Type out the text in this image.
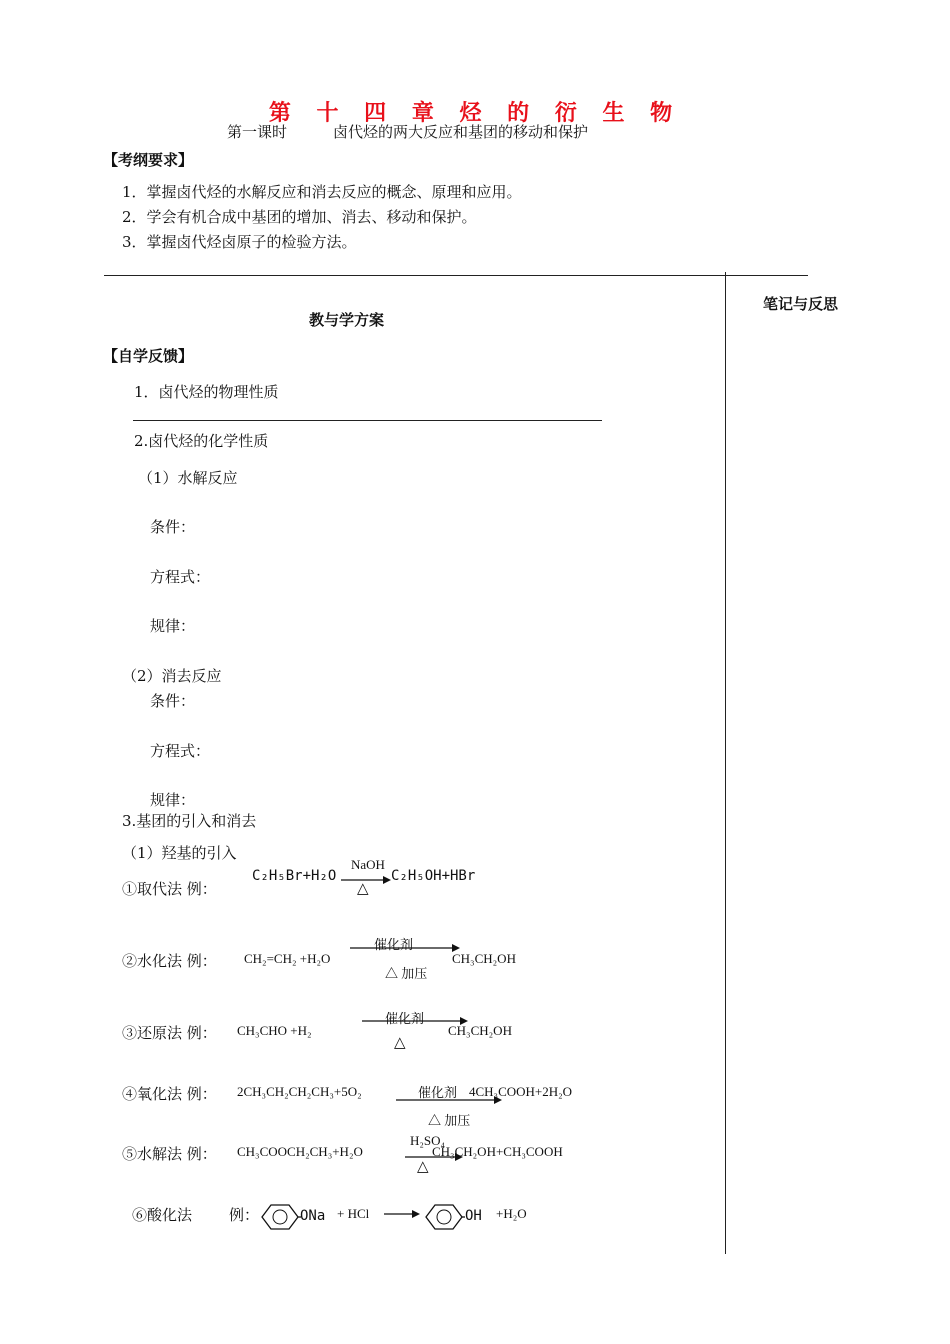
第 十 四 章 烃 的 衍 生 物
第一课时	卤代烃的两大反应和基团的移动和保护
【考纲要求】
1．掌握卤代烃的水解反应和消去反应的概念、原理和应用。
2．学会有机合成中基团的增加、消去、移动和保护。
3．掌握卤代烃卤原子的检验方法。
笔记与反思
教与学方案
【自学反馈】
1．卤代烃的物理性质
2.卤代烃的化学性质
（1）水解反应
条件：
方程式：
规律：
（2）消去反应
条件：
方程式：
规律：
3.基团的引入和消去
（1）羟基的引入
①取代法 例：
C₂H₅Br+H₂O
NaOH
△
C₂H₅OH+HBr
②水化法 例： CH₂=CH₂ +H₂O
催化剂
△ 加压
CH₃CH₂OH
③还原法 例： CH₃CHO +H₂
催化剂
△
CH₃CH₂OH
④氧化法 例： 2CH₃CH₂CH₂CH₃+5O₂	催化剂 4CH₃COOH+2H₂O
△ 加压
⑤水解法 例： CH₃COOCH₂CH₃+H₂O
H₂SO₄
△
CH₃CH₂OH+CH₃COOH
⑥酸化法 例：	ONa + HCl →	OH +H₂O
